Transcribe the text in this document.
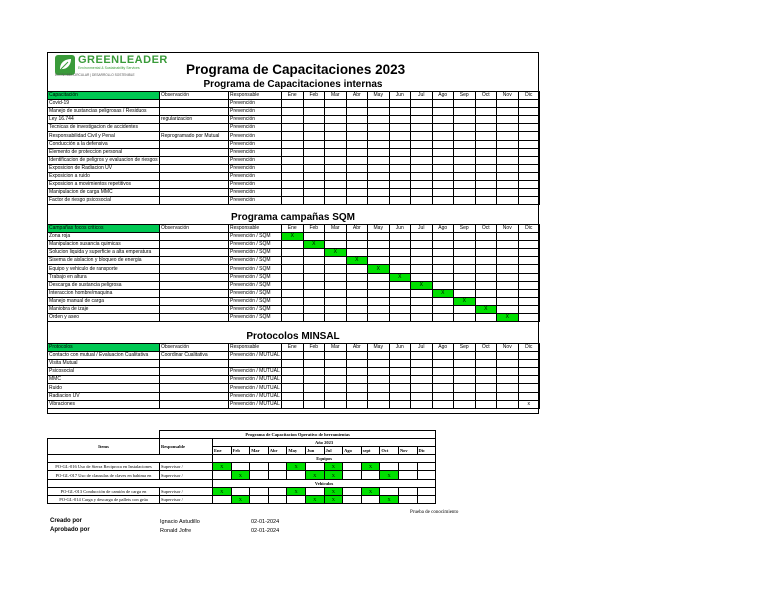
GREENLEADER
Environmental & Sustainability Services
ECONOMÍA CIRCULAR | DESARROLLO SOSTENIBLE	Programa de Capacitaciones 2023
Programa de Capacitaciones internas
Capacitación	Observación	Responsable	Ene	Feb	Mar	Abr	May	Jun	Jul	Ago	Sep	Oct	Nov	Dic
Covid-19		Prevención												
Manejo de sustancias peligrosas / Residuos		Prevención												
Ley 16.744	regularizacion	Prevención												
Tecnicas de investigacion de accidentes		Prevención												
Responsabilidad Civil y Penal	Reprogramado por Mutual	Prevención												
Conducción a la defensiva		Prevención												
Elemento de proteccion personal		Prevención												
Identificacion de peligros y evaluacion de riesgos		Prevención												
Exposicion de Radiacion UV		Prevención												
Exposicion a ruido		Prevención												
Exposicion a movimientos repetitivos		Prevención												
Manipulacion de carga MMC		Prevención												
Factor de riesgo psicosocial		Prevención												
Programa campañas SQM
Campañas focos criticos	Observación	Responsable	Ene	Feb	Mar	Abr	May	Jun	Jul	Ago	Sep	Oct	Nov	Dic
Zona roja		Prevención / SQM	X											
Manipulacion susancia quimicas		Prevención / SQM		X										
Solucion liquida y superficie a alta emperatura		Prevención / SQM			X									
Sisema de aislacion y bloqueo de energia		Prevención / SQM				X								
Equipo y vehiculo de ransporte		Prevención / SQM					X							
Trabajo en altura		Prevención / SQM						X						
Descarga de sustancia peligrosa		Prevención / SQM							X					
Interaccion hombre/maquina		Prevención / SQM								X				
Manejo manual de carga		Prevención / SQM									X			
Maniobra de izaje		Prevención / SQM										X		
Orden y aseo		Prevención / SQM											X	
Protocolos MINSAL
Protocolos	Observación	Responsable	Ene	Feb	Mar	Abr	May	Jun	Jul	Ago	Sep	Oct	Nov	Dic
Contacto con mutual / Evaluacion Cualitativa	Coordinar Cualitativa	Prevención / MUTUAL												
Visita Mutual														
Psicosocial		Prevención / MUTUAL												
MMC		Prevención / MUTUAL												
Ruido		Prevención / MUTUAL												
Radiacion UV		Prevención / MUTUAL												
Vibraciones		Prevención / MUTUAL												x
	Programa de Capacitacion Operativo de herramientas												
Items	Responsable	Año 2023											
		Ene	Feb	Mar	Abr	May	Jun	Jul	Ago	sept	Oct	Nov	Dic
		Equipos											
PO-GL-016 Uso de Sierra Reciproca en Instalaciones	Supervisor /	X				X		X		X			
PO-GL-017 Uso de clausulas de claves en bahima en	Supervisor /		X				X	X			X		
		Vehiculos											
PO-GL-013 Conducción de camión de carga en	Supervisor /	X				X		X		X			
PO-GL-014 Carga y descarga de pallets con grúa	Supervisor /		X				X	X			X		
Prueba de conocimiento
Creado por	Ignacio Astudillo	02-01-2024
Aprobado por	Ronald Jofre	02-01-2024
